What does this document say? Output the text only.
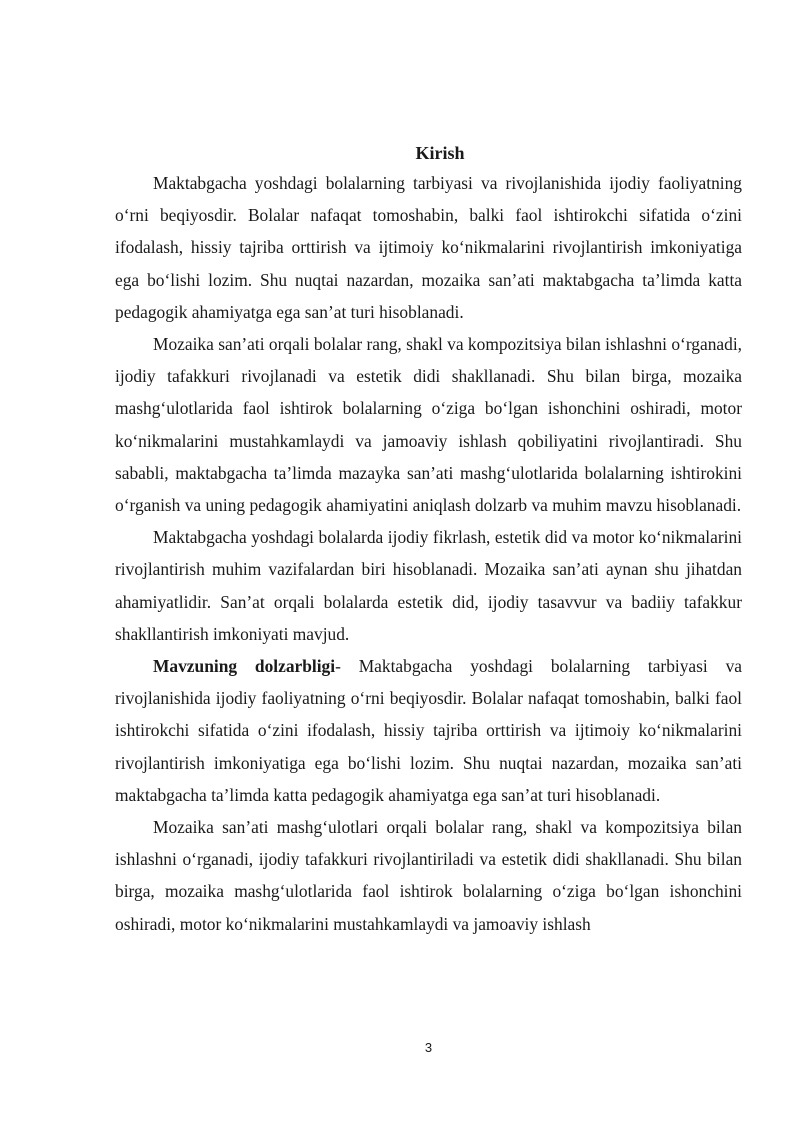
Kirish

Maktabgacha yoshdagi bolalarning tarbiyasi va rivojlanishida ijodiy faoliyatning oʻrni beqiyosdir. Bolalar nafaqat tomoshabin, balki faol ishtirokchi sifatida oʻzini ifodalash, hissiy tajriba orttirish va ijtimoiy koʻnikmalarini rivojlantirish imkoniyatiga ega boʻlishi lozim. Shu nuqtai nazardan, mozaika san’ati maktabgacha ta’limda katta pedagogik ahamiyatga ega san’at turi hisoblanadi.

Mozaika san’ati orqali bolalar rang, shakl va kompozitsiya bilan ishlashni oʻrganadi, ijodiy tafakkuri rivojlanadi va estetik didi shakllanadi. Shu bilan birga, mozaika mashgʻulotlarida faol ishtirok bolalarning oʻziga boʻlgan ishonchini oshiradi, motor koʻnikmalarini mustahkamlaydi va jamoaviy ishlash qobiliyatini rivojlantiradi. Shu sababli, maktabgacha ta’limda mazayka san’ati mashgʻulotlarida bolalarning ishtirokini oʻrganish va uning pedagogik ahamiyatini aniqlash dolzarb va muhim mavzu hisoblanadi.

Maktabgacha yoshdagi bolalarda ijodiy fikrlash, estetik did va motor koʻnikmalarini rivojlantirish muhim vazifalardan biri hisoblanadi. Mozaika san’ati aynan shu jihatdan ahamiyatlidir. San’at orqali bolalarda estetik did, ijodiy tasavvur va badiiy tafakkur shakllantirish imkoniyati mavjud.

Mavzuning dolzarbligi- Maktabgacha yoshdagi bolalarning tarbiyasi va rivojlanishida ijodiy faoliyatning oʻrni beqiyosdir. Bolalar nafaqat tomoshabin, balki faol ishtirokchi sifatida oʻzini ifodalash, hissiy tajriba orttirish va ijtimoiy koʻnikmalarini rivojlantirish imkoniyatiga ega boʻlishi lozim. Shu nuqtai nazardan, mozaika san’ati maktabgacha ta’limda katta pedagogik ahamiyatga ega san’at turi hisoblanadi.

Mozaika san’ati mashgʻulotlari orqali bolalar rang, shakl va kompozitsiya bilan ishlashni oʻrganadi, ijodiy tafakkuri rivojlantiriladi va estetik didi shakllanadi. Shu bilan birga, mozaika mashgʻulotlarida faol ishtirok bolalarning oʻziga boʻlgan ishonchini oshiradi, motor koʻnikmalarini mustahkamlaydi va jamoaviy ishlash

3
